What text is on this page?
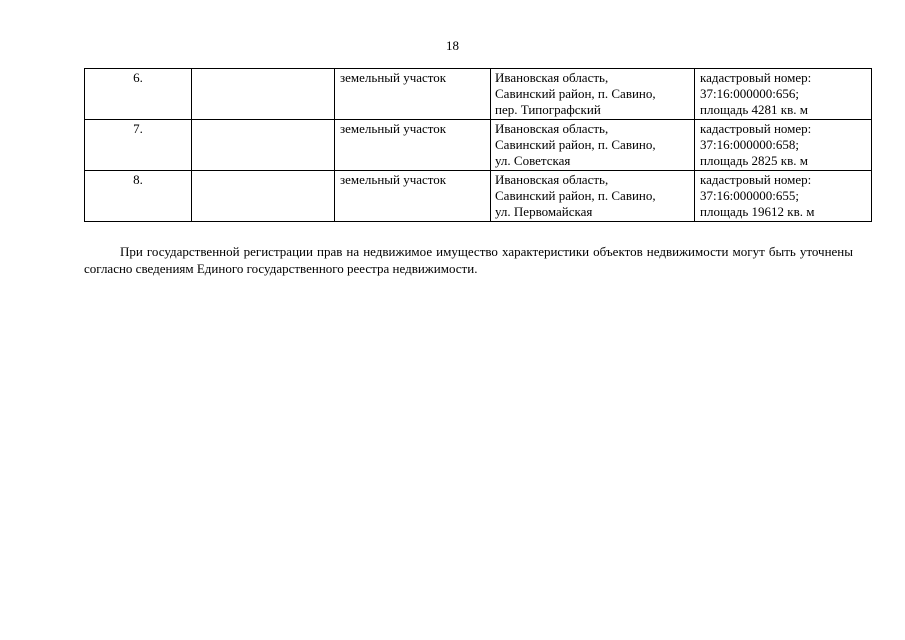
18
6.		земельный участок	Ивановская область,
Савинский район, п. Савино,
пер. Типографский	кадастровый номер:
37:16:000000:656;
площадь 4281 кв. м

7.		земельный участок	Ивановская область,
Савинский район, п. Савино,
ул. Советская	кадастровый номер:
37:16:000000:658;
площадь 2825 кв. м

8.		земельный участок	Ивановская область,
Савинский район, п. Савино,
ул. Первомайская	кадастровый номер:
37:16:000000:655;
площадь 19612 кв. м

При государственной регистрации прав на недвижимое имущество характеристики объектов недвижимости могут быть уточнены согласно сведениям Единого государственного реестра недвижимости.
